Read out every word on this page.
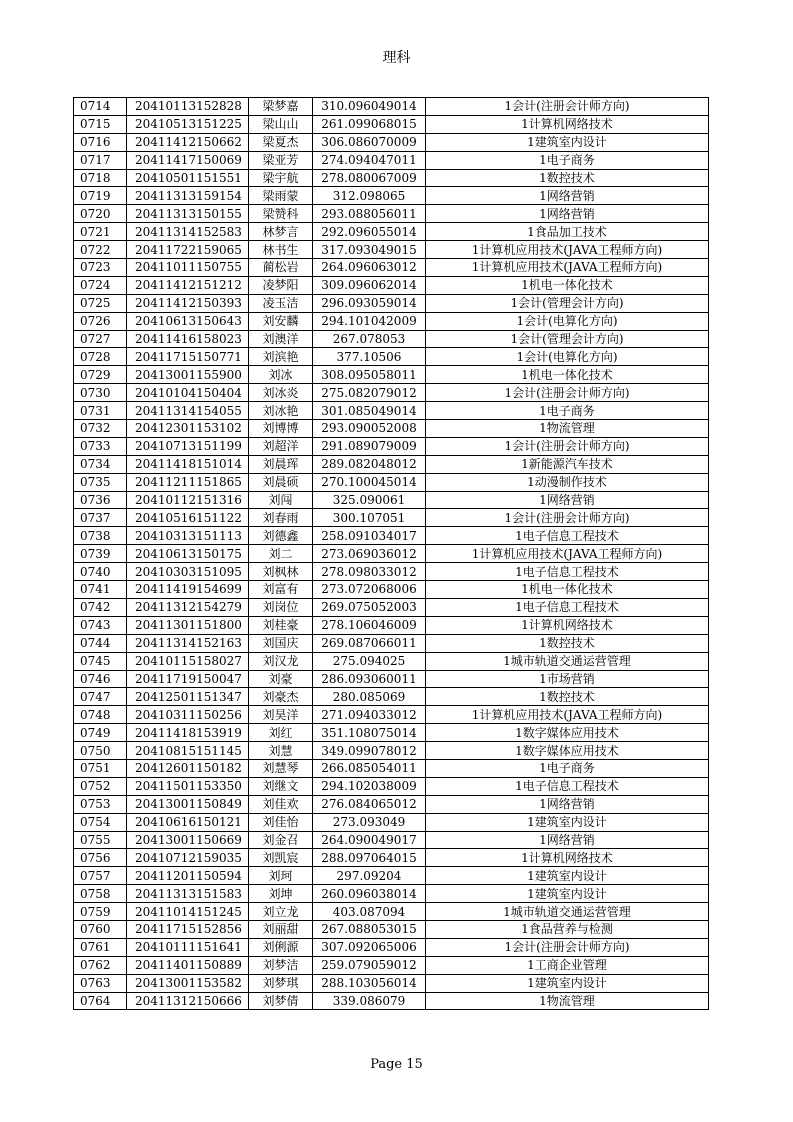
理科
0714	20410113152828	梁梦嘉	310.096049014	1会计(注册会计师方向)
0715	20410513151225	梁山山	261.099068015	1计算机网络技术
0716	20411412150662	梁夏杰	306.086070009	1建筑室内设计
0717	20411417150069	梁亚芳	274.094047011	1电子商务
0718	20410501151551	梁宇航	278.080067009	1数控技术
0719	20411313159154	梁雨蒙	312.098065	1网络营销
0720	20411313150155	梁赞科	293.088056011	1网络营销
0721	20411314152583	林梦言	292.096055014	1食品加工技术
0722	20411722159065	林书生	317.093049015	1计算机应用技术(JAVA工程师方向)
0723	20411011150755	蔺松岩	264.096063012	1计算机应用技术(JAVA工程师方向)
0724	20411412151212	凌梦阳	309.096062014	1机电一体化技术
0725	20411412150393	凌玉洁	296.093059014	1会计(管理会计方向)
0726	20410613150643	刘安麟	294.101042009	1会计(电算化方向)
0727	20411416158023	刘澳洋	267.078053	1会计(管理会计方向)
0728	20411715150771	刘滨艳	377.10506	1会计(电算化方向)
0729	20413001155900	刘冰	308.095058011	1机电一体化技术
0730	20410104150404	刘冰炎	275.082079012	1会计(注册会计师方向)
0731	20411314154055	刘冰艳	301.085049014	1电子商务
0732	20412301153102	刘博博	293.090052008	1物流管理
0733	20410713151199	刘超洋	291.089079009	1会计(注册会计师方向)
0734	20411418151014	刘晨珲	289.082048012	1新能源汽车技术
0735	20411211151865	刘晨硕	270.100045014	1动漫制作技术
0736	20410112151316	刘闯	325.090061	1网络营销
0737	20410516151122	刘春雨	300.107051	1会计(注册会计师方向)
0738	20410313151113	刘德鑫	258.091034017	1电子信息工程技术
0739	20410613150175	刘二	273.069036012	1计算机应用技术(JAVA工程师方向)
0740	20410303151095	刘枫林	278.098033012	1电子信息工程技术
0741	20411419154699	刘富有	273.072068006	1机电一体化技术
0742	20411312154279	刘岗位	269.075052003	1电子信息工程技术
0743	20411301151800	刘桂豪	278.106046009	1计算机网络技术
0744	20411314152163	刘国庆	269.087066011	1数控技术
0745	20410115158027	刘汉龙	275.094025	1城市轨道交通运营管理
0746	20411719150047	刘豪	286.093060011	1市场营销
0747	20412501151347	刘豪杰	280.085069	1数控技术
0748	20410311150256	刘昊洋	271.094033012	1计算机应用技术(JAVA工程师方向)
0749	20411418153919	刘红	351.108075014	1数字媒体应用技术
0750	20410815151145	刘慧	349.099078012	1数字媒体应用技术
0751	20412601150182	刘慧琴	266.085054011	1电子商务
0752	20411501153350	刘继文	294.102038009	1电子信息工程技术
0753	20413001150849	刘佳欢	276.084065012	1网络营销
0754	20410616150121	刘佳怡	273.093049	1建筑室内设计
0755	20413001150669	刘金召	264.090049017	1网络营销
0756	20410712159035	刘凯宸	288.097064015	1计算机网络技术
0757	20411201150594	刘珂	297.09204	1建筑室内设计
0758	20411313151583	刘坤	260.096038014	1建筑室内设计
0759	20411014151245	刘立龙	403.087094	1城市轨道交通运营管理
0760	20411715152856	刘丽甜	267.088053015	1食品营养与检测
0761	20410111151641	刘俐源	307.092065006	1会计(注册会计师方向)
0762	20411401150889	刘梦洁	259.079059012	1工商企业管理
0763	20413001153582	刘梦琪	288.103056014	1建筑室内设计
0764	20411312150666	刘梦倩	339.086079	1物流管理
Page 15
